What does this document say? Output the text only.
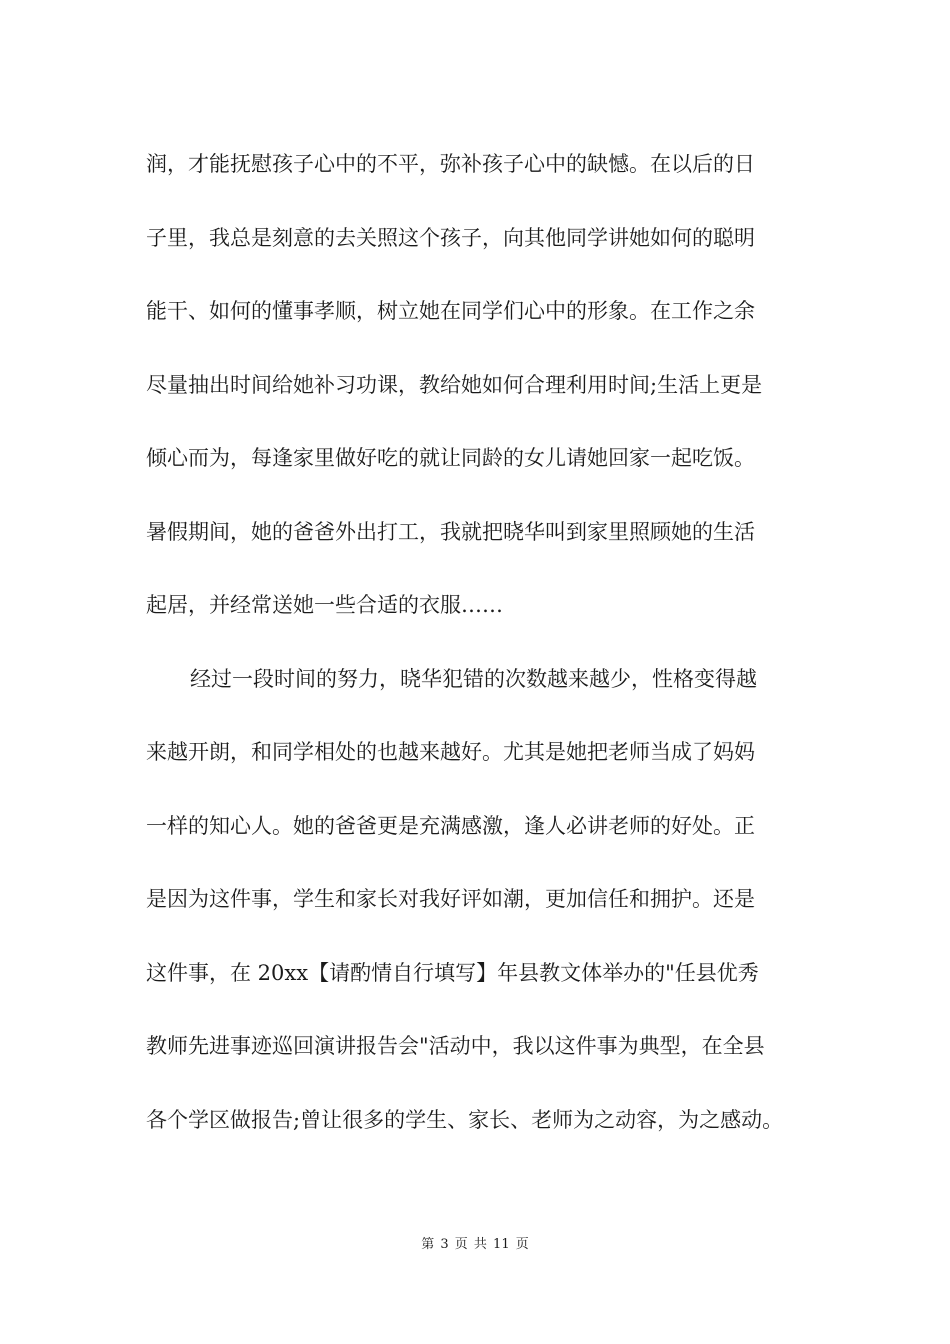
润，才能抚慰孩子心中的不平，弥补孩子心中的缺憾。在以后的日
子里，我总是刻意的去关照这个孩子，向其他同学讲她如何的聪明
能干、如何的懂事孝顺，树立她在同学们心中的形象。在工作之余
尽量抽出时间给她补习功课，教给她如何合理利用时间;生活上更是
倾心而为，每逢家里做好吃的就让同龄的女儿请她回家一起吃饭。
暑假期间，她的爸爸外出打工，我就把晓华叫到家里照顾她的生活
起居，并经常送她一些合适的衣服……
经过一段时间的努力，晓华犯错的次数越来越少，性格变得越
来越开朗，和同学相处的也越来越好。尤其是她把老师当成了妈妈
一样的知心人。她的爸爸更是充满感激，逢人必讲老师的好处。正
是因为这件事，学生和家长对我好评如潮，更加信任和拥护。还是
这件事，在 20xx【请酌情自行填写】年县教文体举办的"任县优秀
教师先进事迹巡回演讲报告会"活动中，我以这件事为典型，在全县
各个学区做报告;曾让很多的学生、家长、老师为之动容，为之感动。
第 3 页 共 11 页
